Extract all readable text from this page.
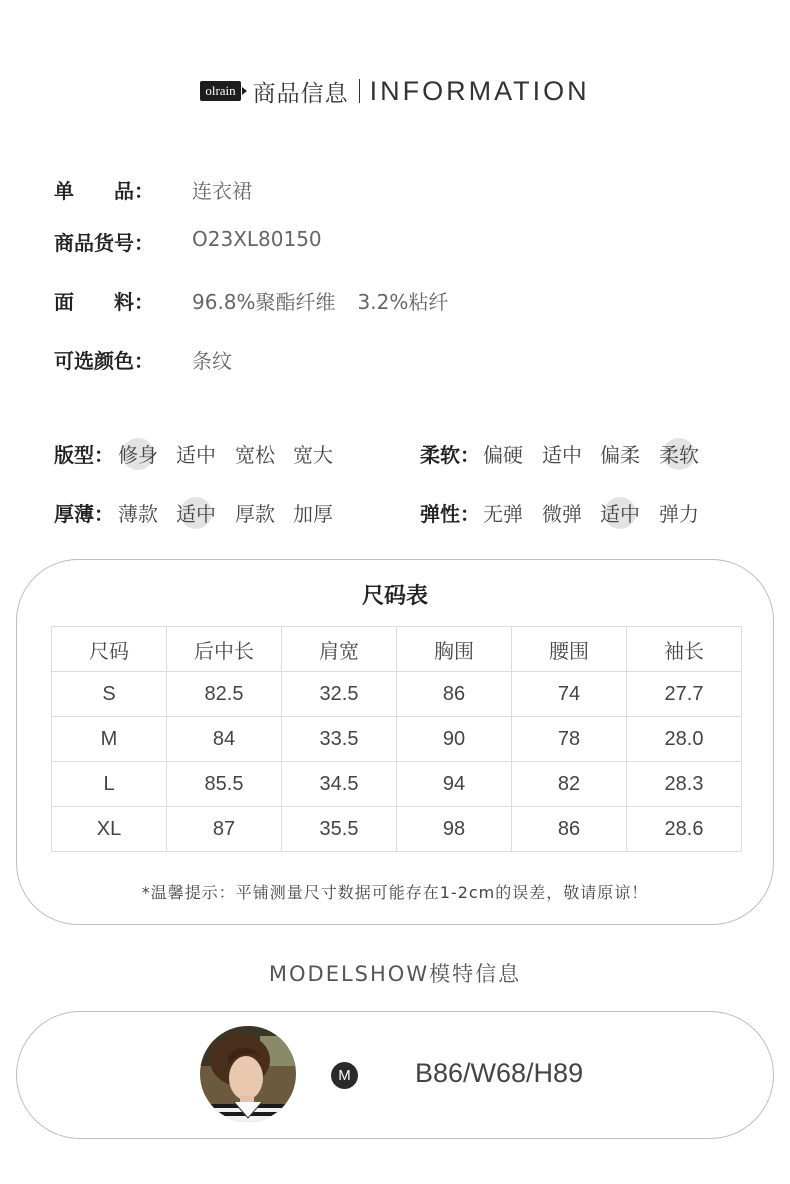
olrain 商品信息 INFORMATION
单　　品： 连衣裙
商品货号： O23XL80150
面　　料： 96.8%聚酯纤维 3.2%粘纤
可选颜色： 条纹
版型： 修身 适中 宽松 宽大	柔软： 偏硬 适中 偏柔 柔软
厚薄： 薄款 适中 厚款 加厚	弹性： 无弹 微弹 适中 弹力
尺码表
尺码	后中长	肩宽	胸围	腰围	袖长
S	82.5	32.5	86	74	27.7
M	84	33.5	90	78	28.0
L	85.5	34.5	94	82	28.3
XL	87	35.5	98	86	28.6
*温馨提示：平铺测量尺寸数据可能存在1-2cm的误差，敬请原谅！
MODELSHOW模特信息
M B86/W68/H89
